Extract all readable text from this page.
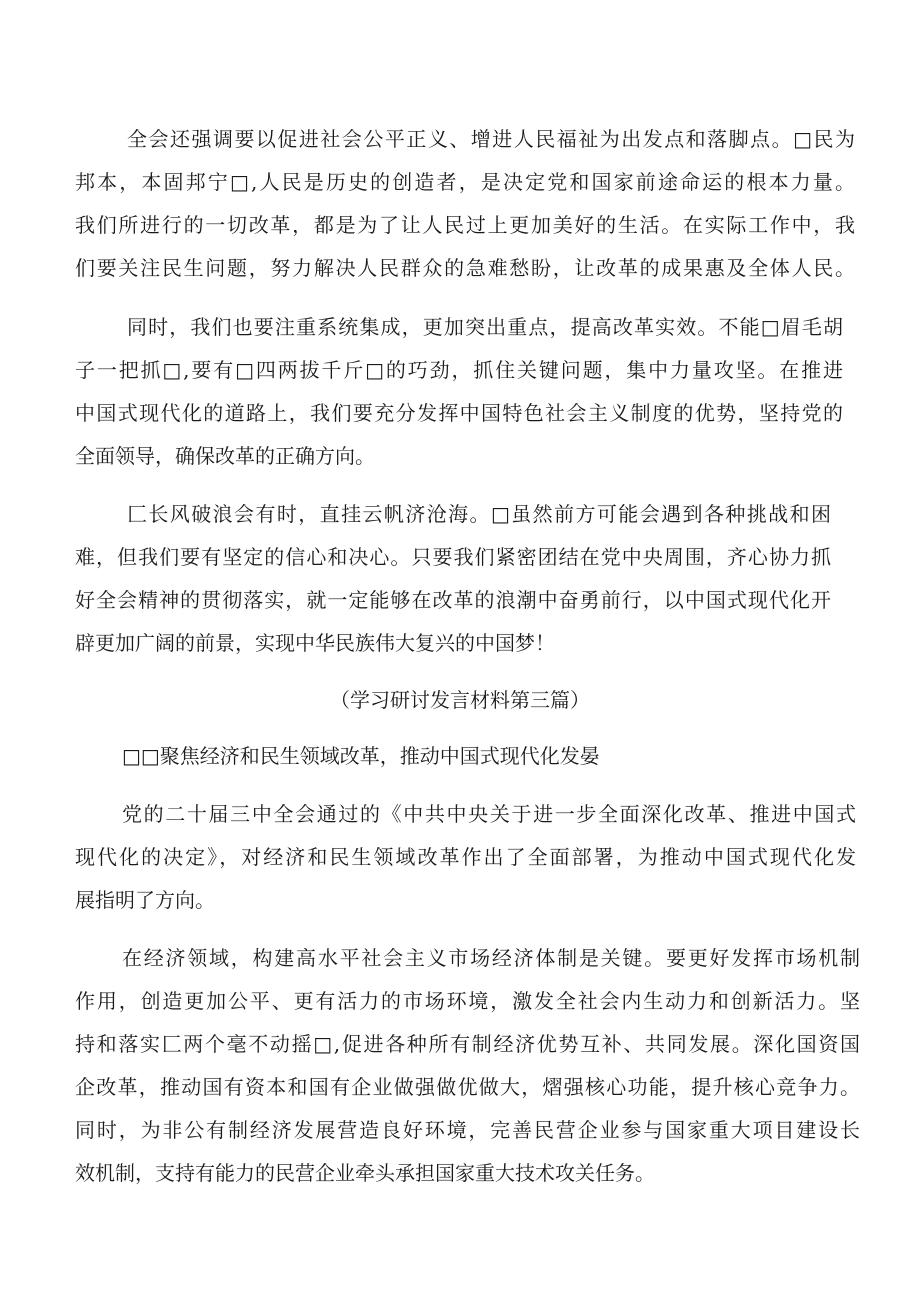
全会还强调要以促进社会公平正义、增进人民福祉为出发点和落脚点。□民为
邦本，本固邦宁□,人民是历史的创造者，是决定党和国家前途命运的根本力量。
我们所进行的一切改革，都是为了让人民过上更加美好的生活。在实际工作中，我
们要关注民生问题，努力解决人民群众的急难愁盼，让改革的成果惠及全体人民。
同时，我们也要注重系统集成，更加突出重点，提高改革实效。不能□眉毛胡
子一把抓□,要有□四两拔千斤□的巧劲，抓住关键问题，集中力量攻坚。在推进
中国式现代化的道路上，我们要充分发挥中国特色社会主义制度的优势，坚持党的
全面领导，确保改革的正确方向。
匚长风破浪会有时，直挂云帆济沧海。□虽然前方可能会遇到各种挑战和困
难，但我们要有坚定的信心和决心。只要我们紧密团结在党中央周围，齐心协力抓
好全会精神的贯彻落实，就一定能够在改革的浪潮中奋勇前行，以中国式现代化开
辟更加广阔的前景，实现中华民族伟大复兴的中国梦！
（学习研讨发言材料第三篇）
□□聚焦经济和民生领域改革，推动中国式现代化发晏
党的二十届三中全会通过的《中共中央关于进一步全面深化改革、推进中国式
现代化的决定》，对经济和民生领域改革作出了全面部署，为推动中国式现代化发
展指明了方向。
在经济领域，构建高水平社会主义市场经济体制是关键。要更好发挥市场机制
作用，创造更加公平、更有活力的市场环境，激发全社会内生动力和创新活力。坚
持和落实匚两个毫不动摇□,促进各种所有制经济优势互补、共同发展。深化国资国
企改革，推动国有资本和国有企业做强做优做大，熠强核心功能，提升核心竞争力。
同时，为非公有制经济发展营造良好环境，完善民营企业参与国家重大项目建设长
效机制，支持有能力的民营企业牵头承担国家重大技术攻关任务。
